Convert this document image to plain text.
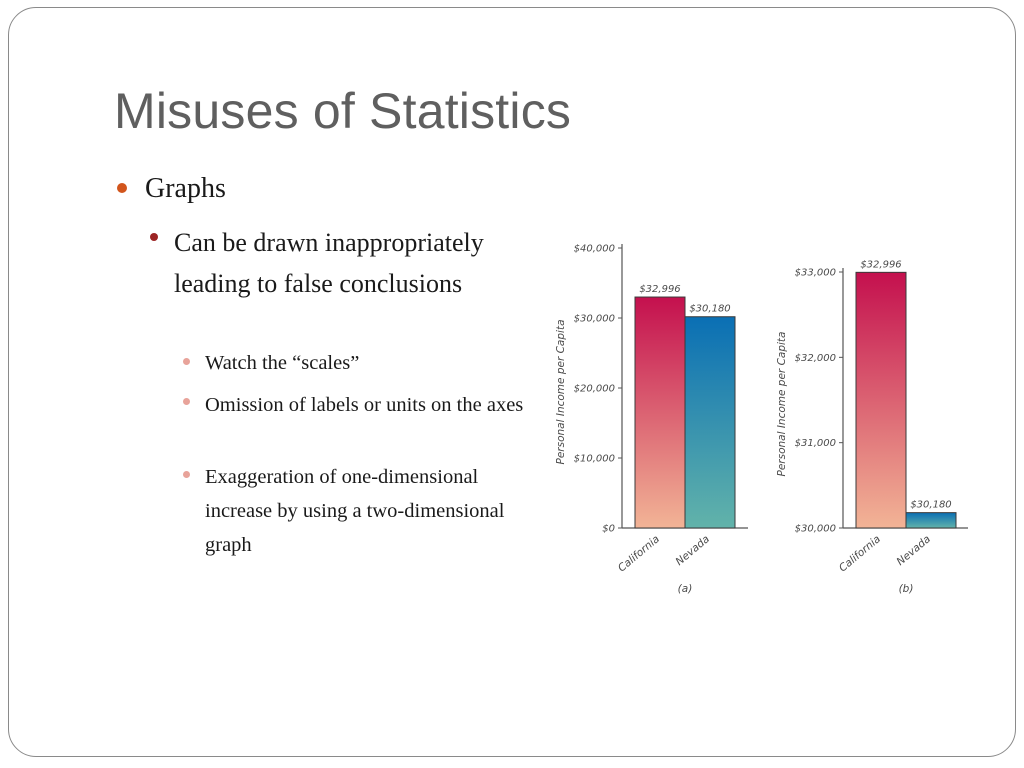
Misuses of Statistics
Graphs
Can be drawn inappropriately leading to false conclusions
Watch the “scales”
Omission of labels or units on the axes
Exaggeration of one-dimensional increase by using a two-dimensional graph
$0
$10,000
$20,000
$30,000
$40,000
Personal Income per Capita
$32,996
California
$30,180
Nevada
(a)
$30,000
$31,000
$32,000
$33,000
Personal Income per Capita
$32,996
California
$30,180
Nevada
(b)
